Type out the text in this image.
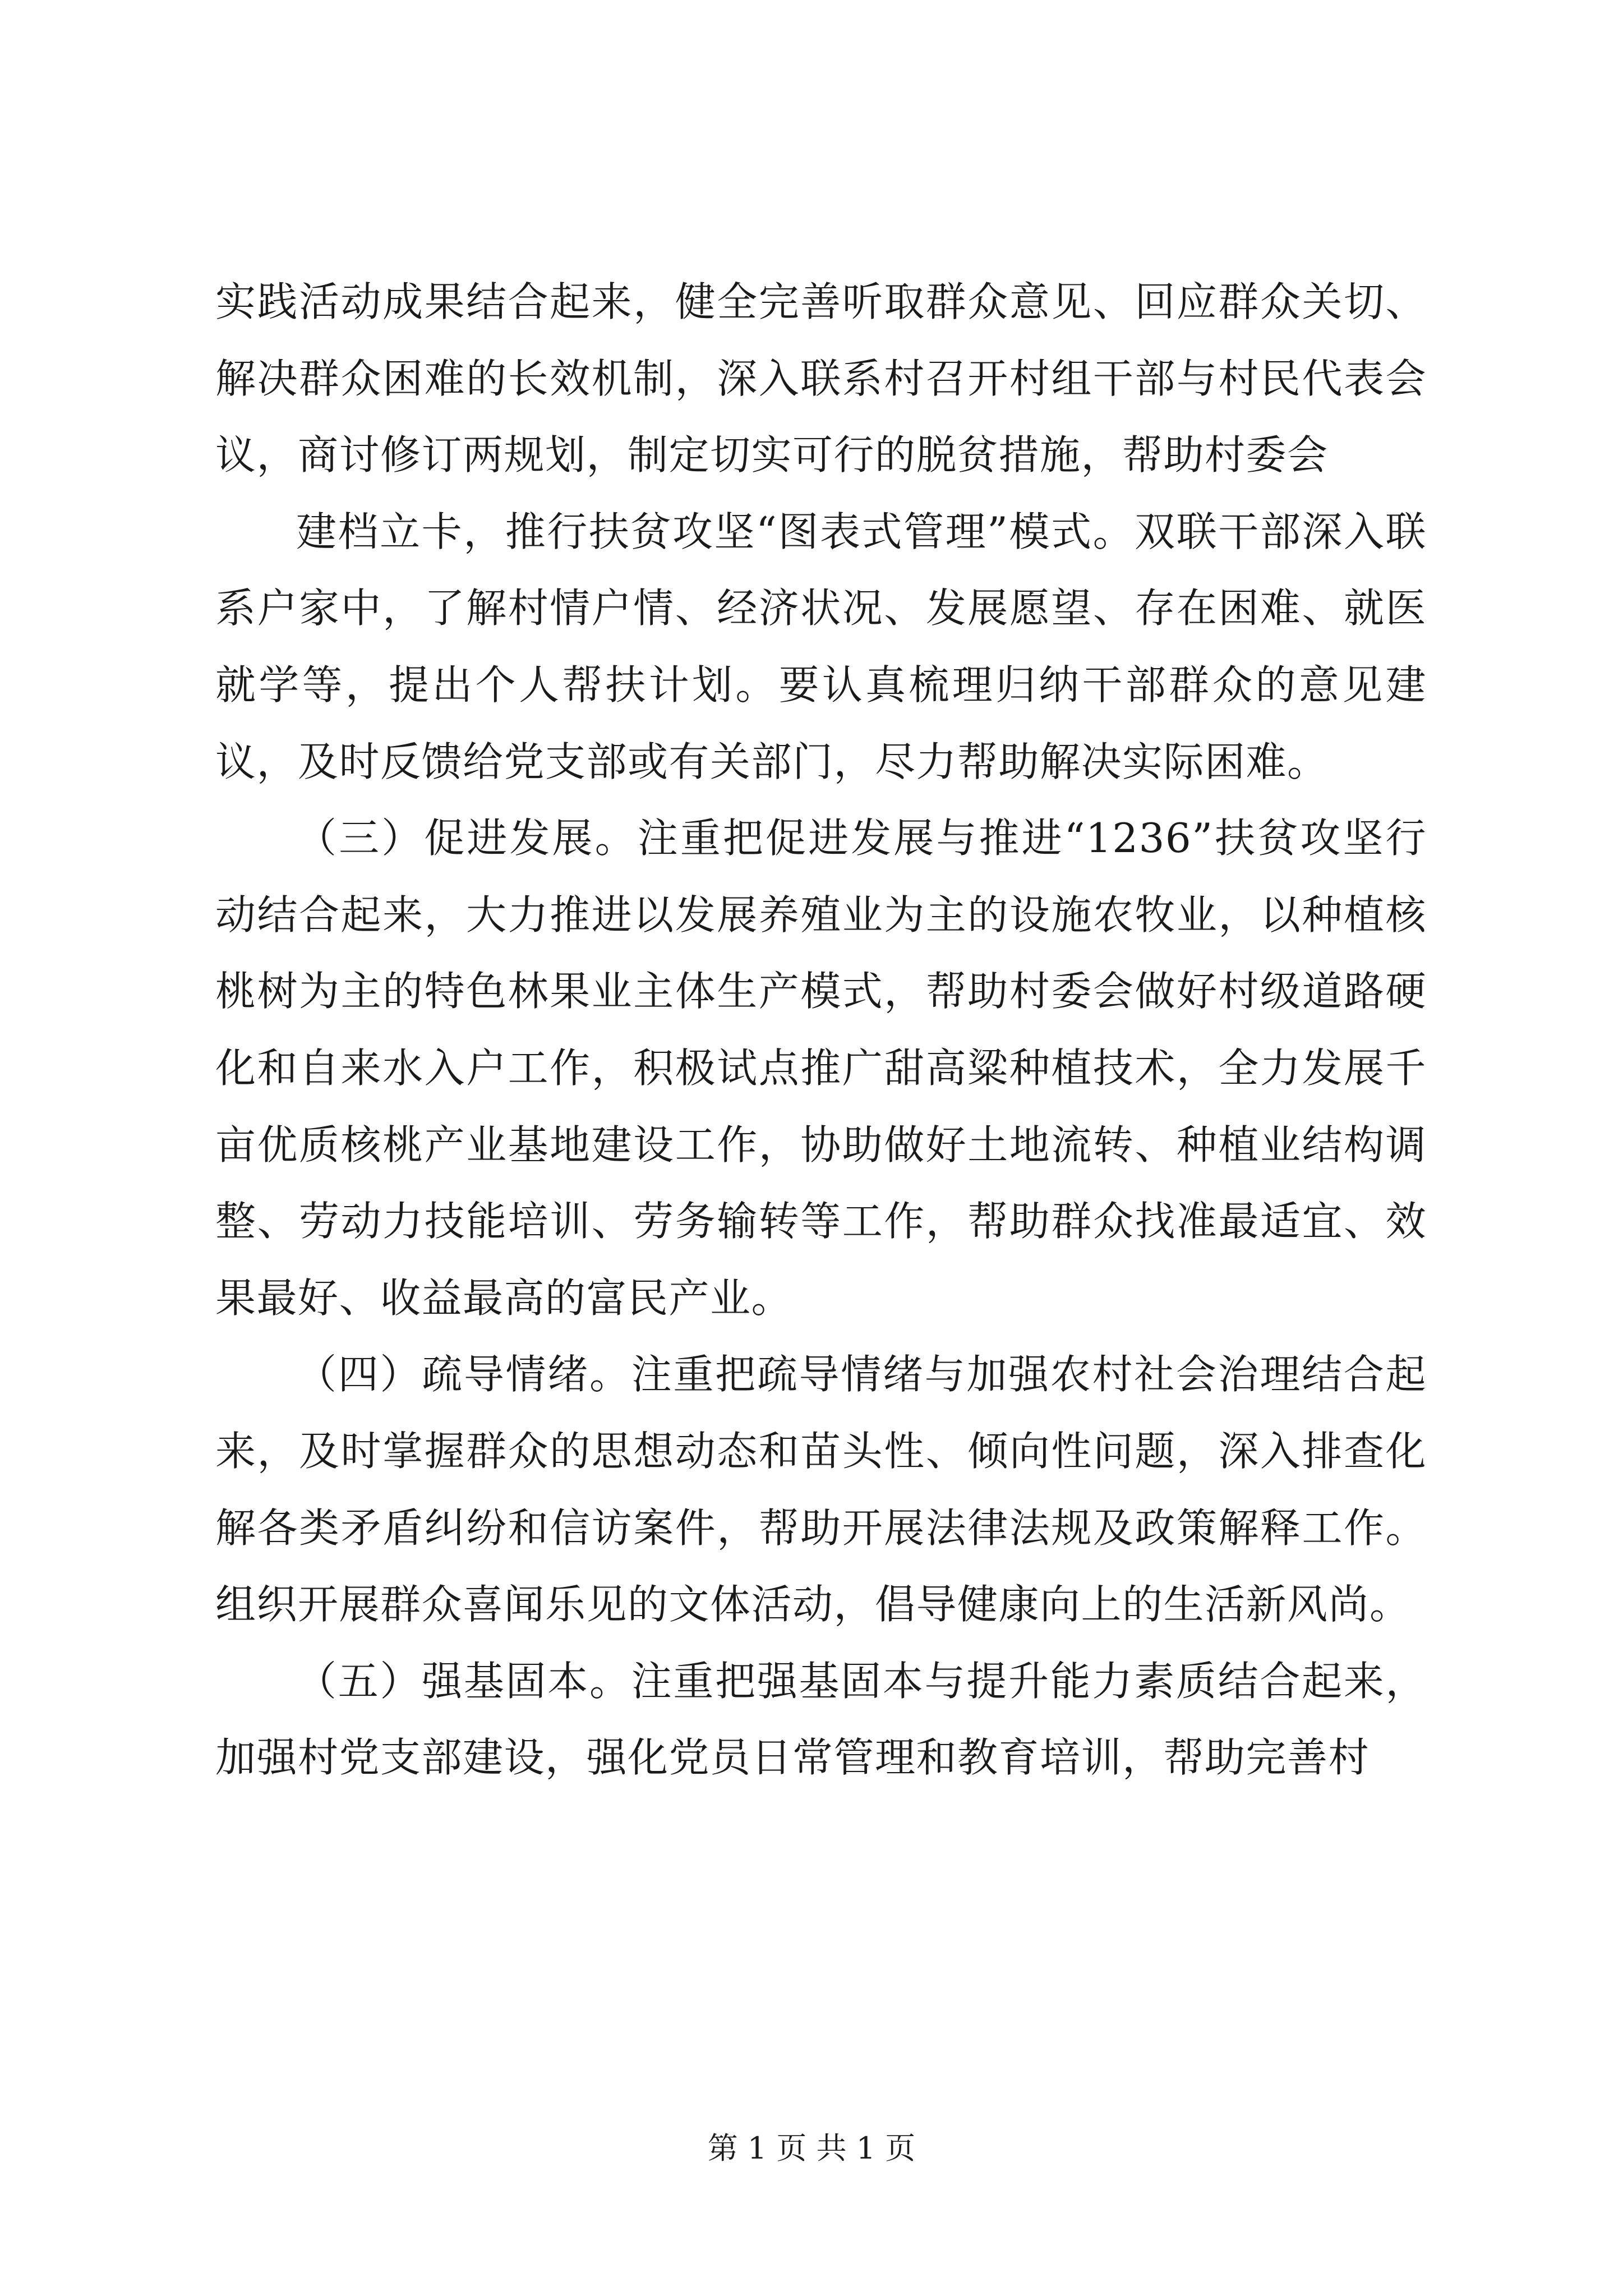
实践活动成果结合起来，健全完善听取群众意见、回应群众关切、解决群众困难的长效机制，深入联系村召开村组干部与村民代表会议，商讨修订两规划，制定切实可行的脱贫措施，帮助村委会

建档立卡，推行扶贫攻坚“图表式管理”模式。双联干部深入联系户家中，了解村情户情、经济状况、发展愿望、存在困难、就医就学等，提出个人帮扶计划。要认真梳理归纳干部群众的意见建议，及时反馈给党支部或有关部门，尽力帮助解决实际困难。

（三）促进发展。注重把促进发展与推进“1236”扶贫攻坚行动结合起来，大力推进以发展养殖业为主的设施农牧业，以种植核桃树为主的特色林果业主体生产模式，帮助村委会做好村级道路硬化和自来水入户工作，积极试点推广甜高粱种植技术，全力发展千亩优质核桃产业基地建设工作，协助做好土地流转、种植业结构调整、劳动力技能培训、劳务输转等工作，帮助群众找准最适宜、效果最好、收益最高的富民产业。

（四）疏导情绪。注重把疏导情绪与加强农村社会治理结合起来，及时掌握群众的思想动态和苗头性、倾向性问题，深入排查化解各类矛盾纠纷和信访案件，帮助开展法律法规及政策解释工作。组织开展群众喜闻乐见的文体活动，倡导健康向上的生活新风尚。

（五）强基固本。注重把强基固本与提升能力素质结合起来，加强村党支部建设，强化党员日常管理和教育培训，帮助完善村

第 1 页 共 1 页
